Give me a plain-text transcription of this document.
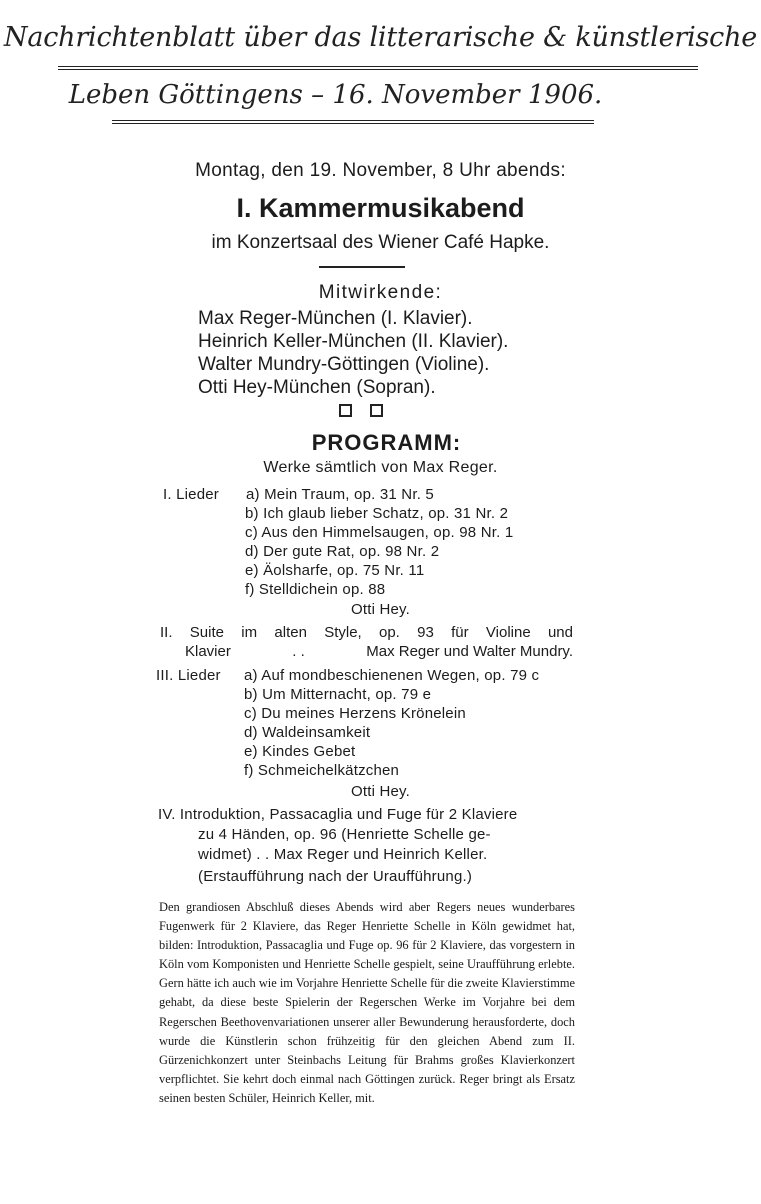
Nachrichtenblatt über das litterarische & künstlerische
Leben Göttingens – 16. November 1906.
Montag, den 19. November, 8 Uhr abends:
I. Kammermusikabend
im Konzertsaal des Wiener Café Hapke.
Mitwirkende:
Max Reger-München (I. Klavier).
Heinrich Keller-München (II. Klavier).
Walter Mundry-Göttingen (Violine).
Otti Hey-München (Sopran).
PROGRAMM:
Werke sämtlich von Max Reger.
I. Lieder a) Mein Traum, op. 31 Nr. 5
b) Ich glaub lieber Schatz, op. 31 Nr. 2
c) Aus den Himmelsaugen, op. 98 Nr. 1
d) Der gute Rat, op. 98 Nr. 2
e) Äolsharfe, op. 75 Nr. 11
f) Stelldichein op. 88
Otti Hey.
II. Suite im alten Style, op. 93 für Violine und
Klavier	. .	Max Reger und Walter Mundry.
III. Lieder a) Auf mondbeschienenen Wegen, op. 79 c
b) Um Mitternacht, op. 79 e
c) Du meines Herzens Krönelein
d) Waldeinsamkeit
e) Kindes Gebet
f) Schmeichelkätzchen
Otti Hey.
IV. Introduktion, Passacaglia und Fuge für 2 Klaviere
zu 4 Händen, op. 96 (Henriette Schelle ge-
widmet) . . Max Reger und Heinrich Keller.
(Erstaufführung nach der Uraufführung.)
Den grandiosen Abschluß dieses Abends wird aber Regers neues wunderbares Fugenwerk für 2 Klaviere, das Reger Henriette Schelle in Köln gewidmet hat, bilden: Introduktion, Passacaglia und Fuge op. 96 für 2 Klaviere, das vorgestern in Köln vom Komponisten und Henriette Schelle gespielt, seine Uraufführung erlebte. Gern hätte ich auch wie im Vorjahre Henriette Schelle für die zweite Klavierstimme gehabt, da diese beste Spielerin der Regerschen Werke im Vorjahre bei dem Regerschen Beethovenvariationen unserer aller Bewunderung herausforderte, doch wurde die Künstlerin schon frühzeitig für den gleichen Abend zum II. Gürzenichkonzert unter Steinbachs Leitung für Brahms großes Klavierkonzert verpflichtet. Sie kehrt doch einmal nach Göttingen zurück. Reger bringt als Ersatz seinen besten Schüler, Heinrich Keller, mit.
